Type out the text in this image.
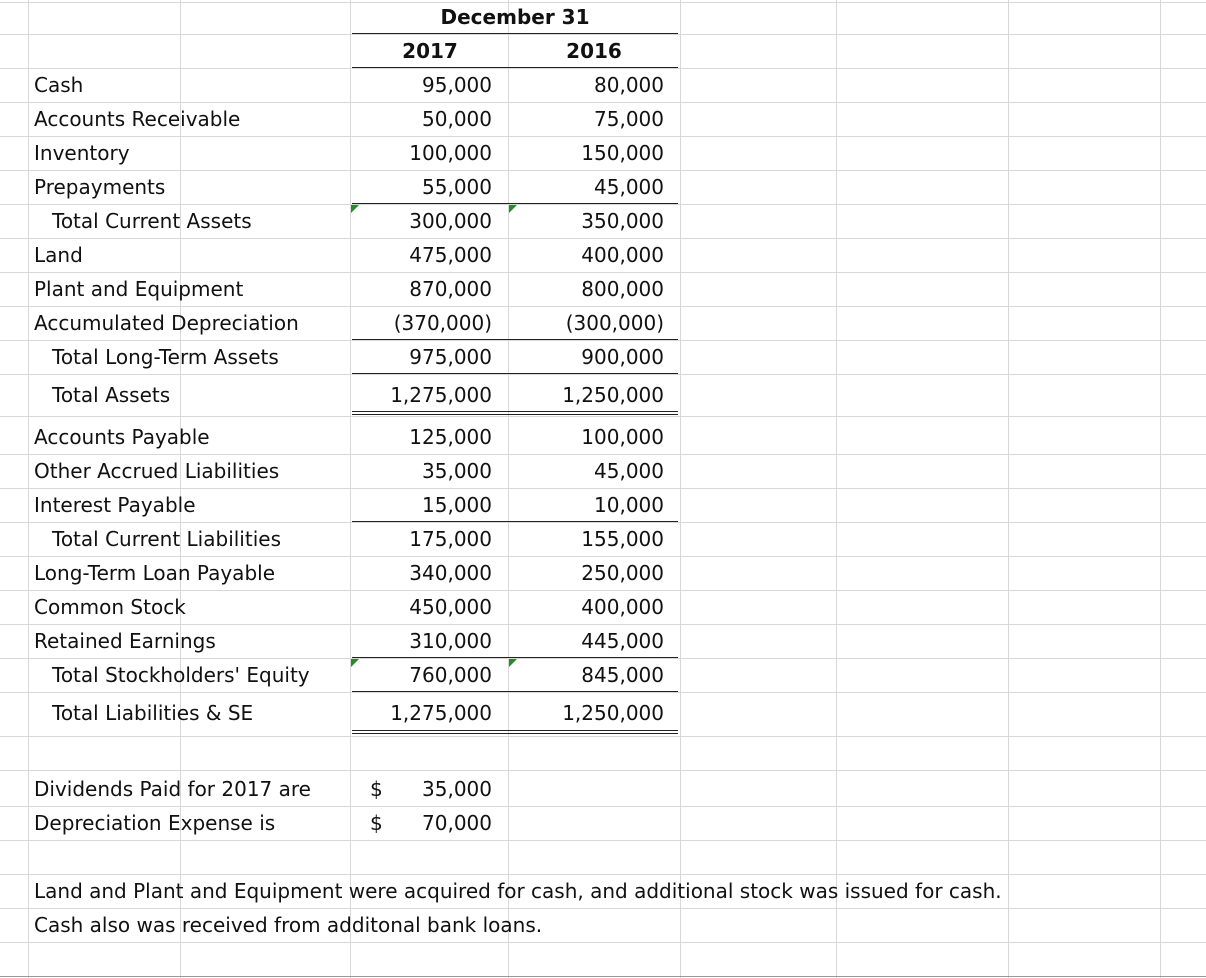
December 31
2017	2016
Cash	95,000	80,000
Accounts Receivable	50,000	75,000
Inventory	100,000	150,000
Prepayments	55,000	45,000
Total Current Assets	300,000	350,000
Land	475,000	400,000
Plant and Equipment	870,000	800,000
Accumulated Depreciation	(370,000)	(300,000)
Total Long-Term Assets	975,000	900,000
Total Assets	1,275,000	1,250,000
Accounts Payable	125,000	100,000
Other Accrued Liabilities	35,000	45,000
Interest Payable	15,000	10,000
Total Current Liabilities	175,000	155,000
Long-Term Loan Payable	340,000	250,000
Common Stock	450,000	400,000
Retained Earnings	310,000	445,000
Total Stockholders' Equity	760,000	845,000
Total Liabilities & SE	1,275,000	1,250,000
Dividends Paid for 2017 are	$	35,000
Depreciation Expense is	$	70,000
Land and Plant and Equipment were acquired for cash, and additional stock was issued for cash.
Cash also was received from additonal bank loans.
